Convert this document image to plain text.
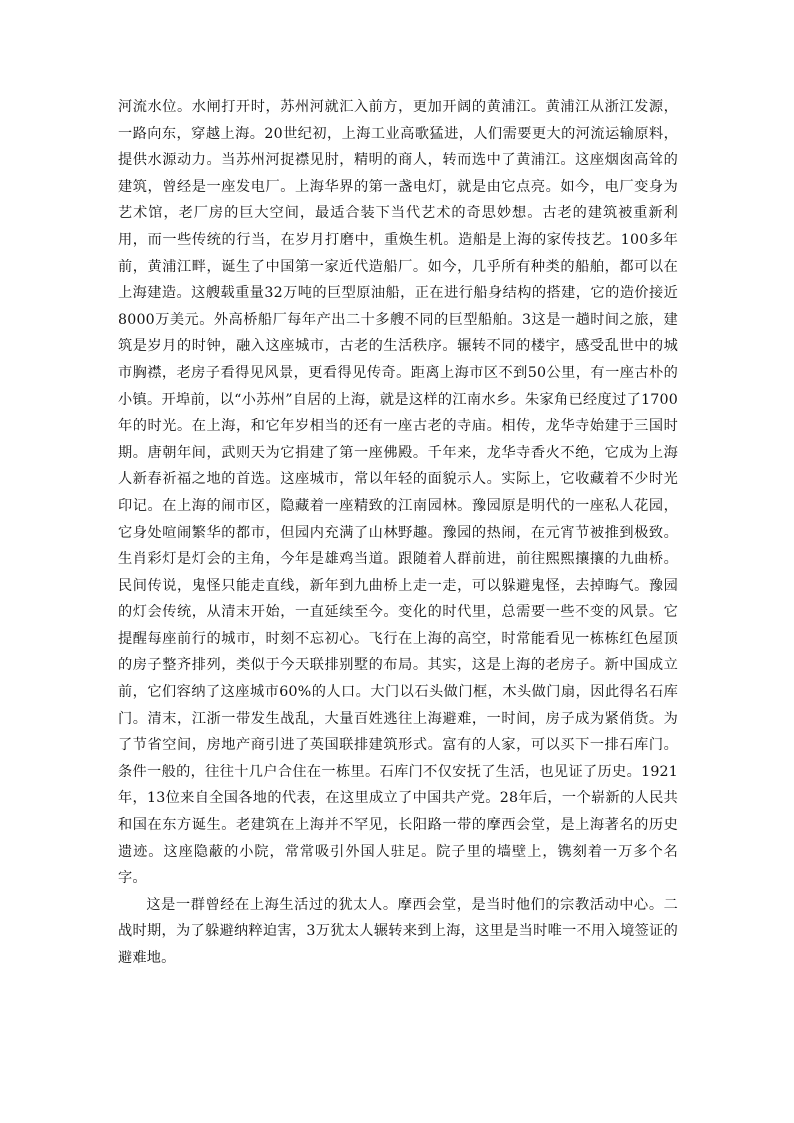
河流水位。水闸打开时，苏州河就汇入前方，更加开阔的黄浦江。黄浦江从浙江发源，一路向东，穿越上海。20世纪初，上海工业高歌猛进，人们需要更大的河流运输原料，提供水源动力。当苏州河捉襟见肘，精明的商人，转而选中了黄浦江。这座烟囱高耸的建筑，曾经是一座发电厂。上海华界的第一盏电灯，就是由它点亮。如今，电厂变身为艺术馆，老厂房的巨大空间，最适合装下当代艺术的奇思妙想。古老的建筑被重新利用，而一些传统的行当，在岁月打磨中，重焕生机。造船是上海的家传技艺。100多年前，黄浦江畔，诞生了中国第一家近代造船厂。如今，几乎所有种类的船舶，都可以在上海建造。这艘载重量32万吨的巨型原油船，正在进行船身结构的搭建，它的造价接近8000万美元。外高桥船厂每年产出二十多艘不同的巨型船舶。3这是一趟时间之旅，建筑是岁月的时钟，融入这座城市，古老的生活秩序。辗转不同的楼宇，感受乱世中的城市胸襟，老房子看得见风景，更看得见传奇。距离上海市区不到50公里，有一座古朴的小镇。开埠前，以“小苏州”自居的上海，就是这样的江南水乡。朱家角已经度过了1700年的时光。在上海，和它年岁相当的还有一座古老的寺庙。相传，龙华寺始建于三国时期。唐朝年间，武则天为它捐建了第一座佛殿。千年来，龙华寺香火不绝，它成为上海人新春祈福之地的首选。这座城市，常以年轻的面貌示人。实际上，它收藏着不少时光印记。在上海的闹市区，隐藏着一座精致的江南园林。豫园原是明代的一座私人花园，它身处喧闹繁华的都市，但园内充满了山林野趣。豫园的热闹，在元宵节被推到极致。生肖彩灯是灯会的主角，今年是雄鸡当道。跟随着人群前进，前往熙熙攘攘的九曲桥。民间传说，鬼怪只能走直线，新年到九曲桥上走一走，可以躲避鬼怪，去掉晦气。豫园的灯会传统，从清末开始，一直延续至今。变化的时代里，总需要一些不变的风景。它提醒每座前行的城市，时刻不忘初心。飞行在上海的高空，时常能看见一栋栋红色屋顶的房子整齐排列，类似于今天联排别墅的布局。其实，这是上海的老房子。新中国成立前，它们容纳了这座城市60%的人口。大门以石头做门框，木头做门扇，因此得名石库门。清末，江浙一带发生战乱，大量百姓逃往上海避难，一时间，房子成为紧俏货。为了节省空间，房地产商引进了英国联排建筑形式。富有的人家，可以买下一排石库门。条件一般的，往往十几户合住在一栋里。石库门不仅安抚了生活，也见证了历史。1921年，13位来自全国各地的代表，在这里成立了中国共产党。28年后，一个崭新的人民共和国在东方诞生。老建筑在上海并不罕见，长阳路一带的摩西会堂，是上海著名的历史遗迹。这座隐蔽的小院，常常吸引外国人驻足。院子里的墙壁上，镌刻着一万多个名字。

这是一群曾经在上海生活过的犹太人。摩西会堂，是当时他们的宗教活动中心。二战时期，为了躲避纳粹迫害，3万犹太人辗转来到上海，这里是当时唯一不用入境签证的避难地。
